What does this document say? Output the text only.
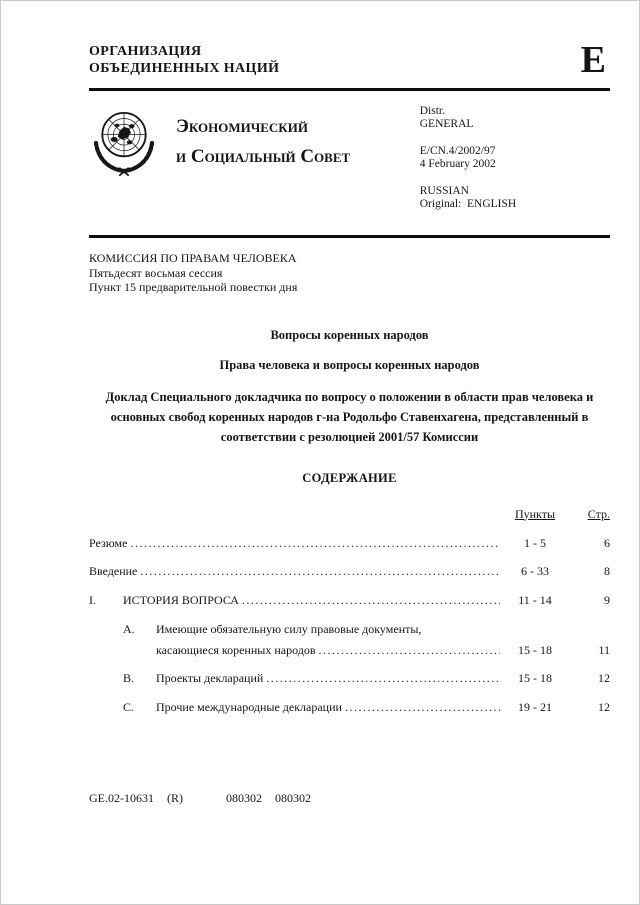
ОРГАНИЗАЦИЯ
ОБЪЕДИНЕННЫХ НАЦИЙ	E
Экономический
и Социальный Совет
Distr.
GENERAL
E/CN.4/2002/97
4 February 2002
RUSSIAN
Original:  ENGLISH
КОМИССИЯ ПО ПРАВАМ ЧЕЛОВЕКА
Пятьдесят восьмая сессия
Пункт 15 предварительной повестки дня
Вопросы коренных народов
Права человека и вопросы коренных народов
Доклад Специального докладчика по вопросу о положении в области прав человека и основных свобод коренных народов г-на Родольфо Ставенхагена, представленный в соответствии с резолюцией 2001/57 Комиссии
СОДЕРЖАНИЕ
Пункты	Стр.
Резюме .....	1 - 5	6
Введение .....	6 - 33	8
I.	ИСТОРИЯ ВОПРОСА .....	11 - 14	9
A.	Имеющие обязательную силу правовые документы,
касающиеся коренных народов .....	15 - 18	11
B.	Проекты деклараций .....	15 - 18	12
C.	Прочие международные декларации .....	19 - 21	12
GE.02-10631 (R)	080302 080302
